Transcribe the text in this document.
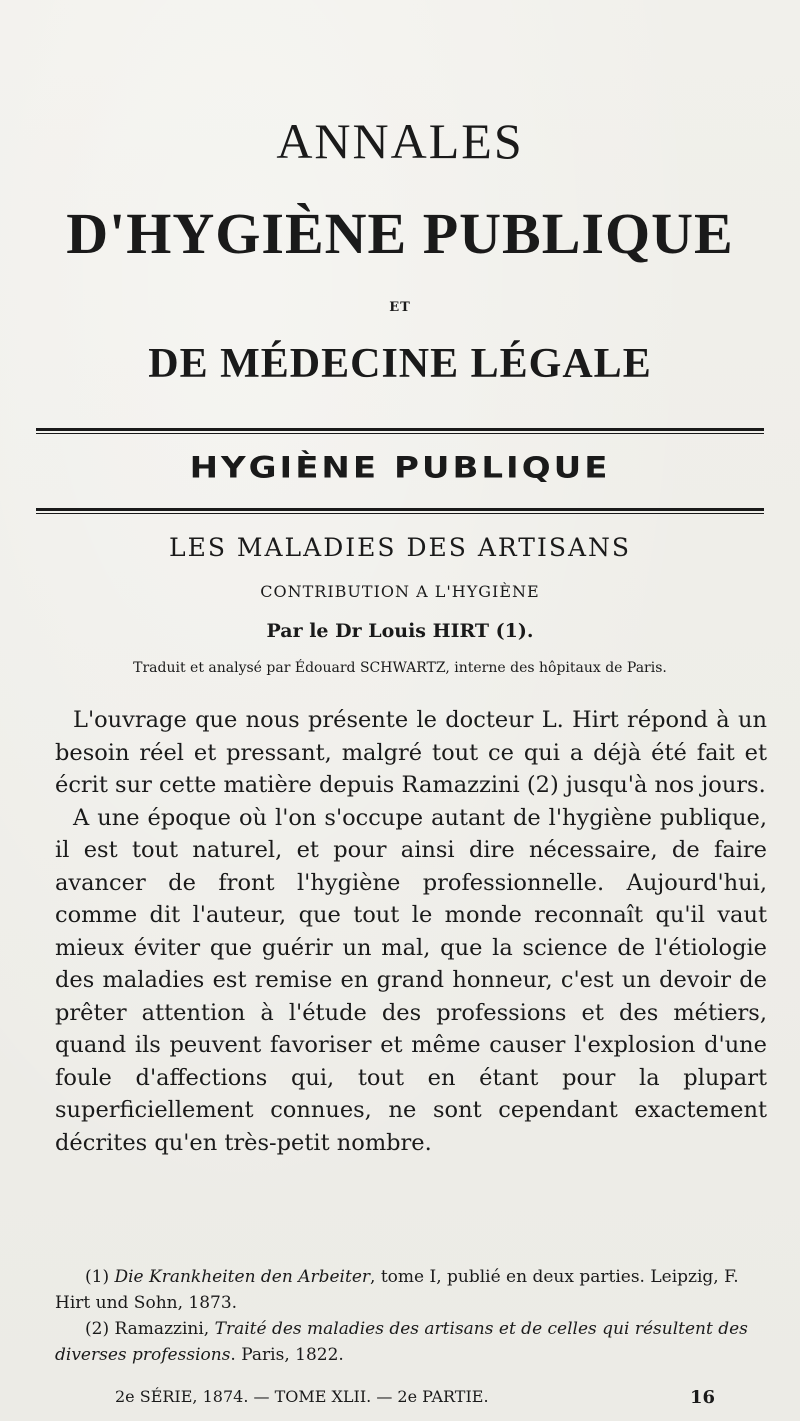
ANNALES
D'HYGIÈNE PUBLIQUE
ET
DE MÉDECINE LÉGALE
HYGIÈNE PUBLIQUE
LES MALADIES DES ARTISANS
CONTRIBUTION A L'HYGIÈNE
Par le Dr Louis HIRT (1).
Traduit et analysé par Édouard SCHWARTZ, interne des hôpitaux de Paris.

L'ouvrage que nous présente le docteur L. Hirt répond à un besoin réel et pressant, malgré tout ce qui a déjà été fait et écrit sur cette matière depuis Ramazzini (2) jusqu'à nos jours.

A une époque où l'on s'occupe autant de l'hygiène publique, il est tout naturel, et pour ainsi dire nécessaire, de faire avancer de front l'hygiène professionnelle. Aujourd'hui, comme dit l'auteur, que tout le monde reconnaît qu'il vaut mieux éviter que guérir un mal, que la science de l'étiologie des maladies est remise en grand honneur, c'est un devoir de prêter attention à l'étude des professions et des métiers, quand ils peuvent favoriser et même causer l'explosion d'une foule d'affections qui, tout en étant pour la plupart superficiellement connues, ne sont cependant exactement décrites qu'en très-petit nombre.

(1) Die Krankheiten den Arbeiter, tome I, publié en deux parties. Leipzig, F. Hirt und Sohn, 1873.

(2) Ramazzini, Traité des maladies des artisans et de celles qui résultent des diverses professions. Paris, 1822.

2e SÉRIE, 1874. — TOME XLII. — 2e PARTIE.	16
